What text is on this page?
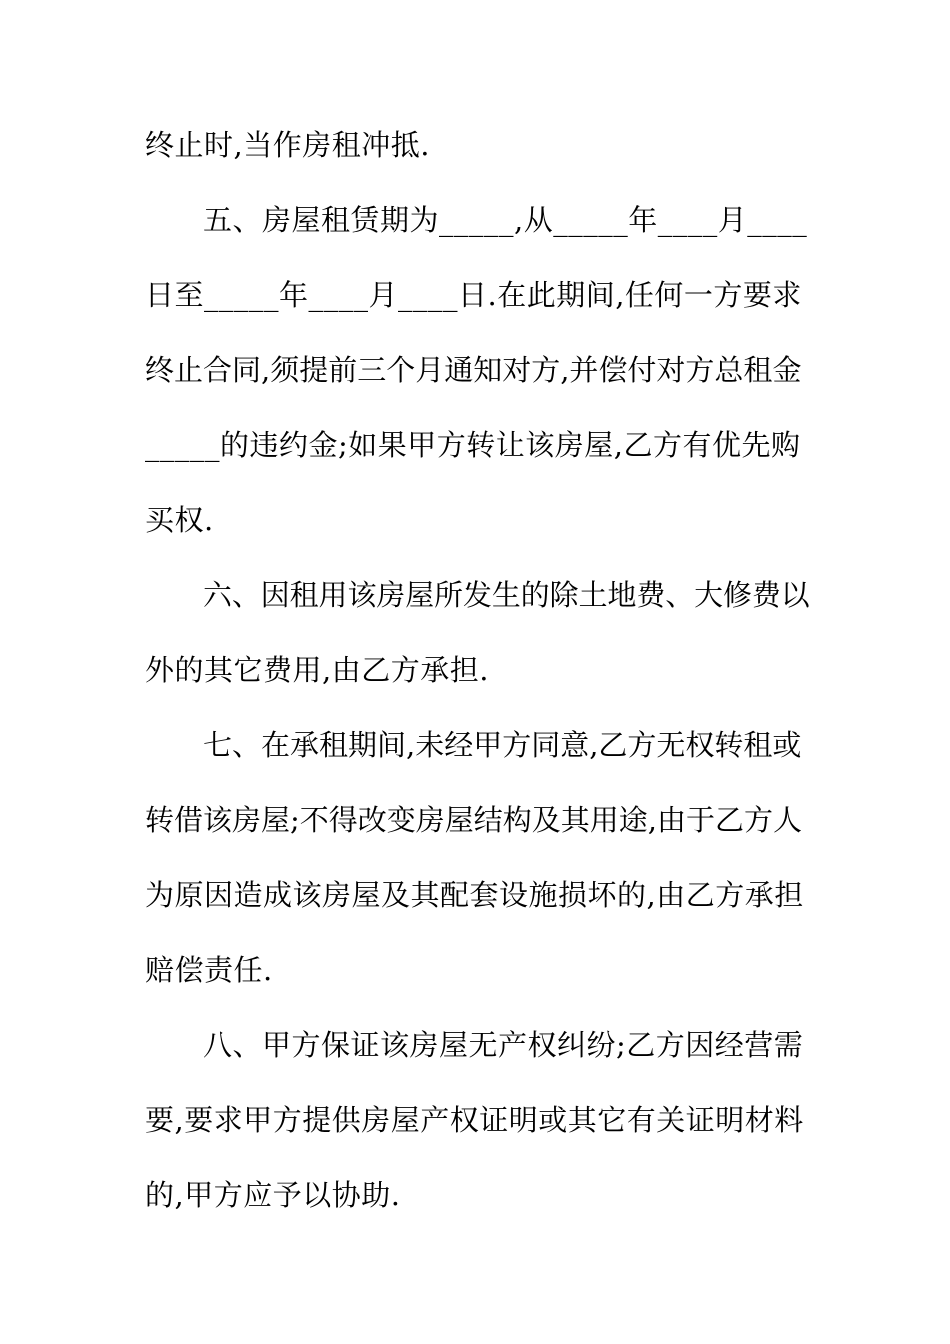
终止时,当作房租冲抵.
五、房屋租赁期为_____,从_____年____月____
日至_____年____月____日.在此期间,任何一方要求
终止合同,须提前三个月通知对方,并偿付对方总租金
_____的违约金;如果甲方转让该房屋,乙方有优先购
买权.
六、因租用该房屋所发生的除土地费、大修费以
外的其它费用,由乙方承担.
七、在承租期间,未经甲方同意,乙方无权转租或
转借该房屋;不得改变房屋结构及其用途,由于乙方人
为原因造成该房屋及其配套设施损坏的,由乙方承担
赔偿责任.
八、甲方保证该房屋无产权纠纷;乙方因经营需
要,要求甲方提供房屋产权证明或其它有关证明材料
的,甲方应予以协助.
